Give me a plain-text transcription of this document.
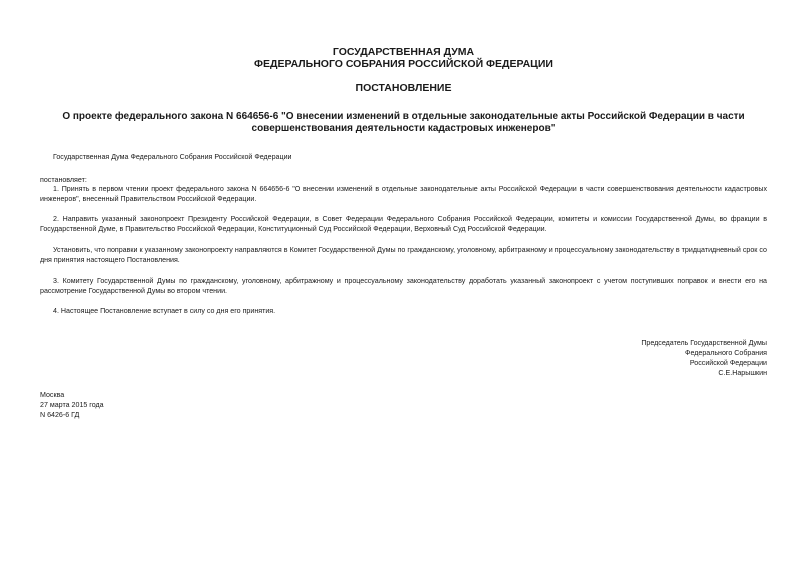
ГОСУДАРСТВЕННАЯ ДУМА
ФЕДЕРАЛЬНОГО СОБРАНИЯ РОССИЙСКОЙ ФЕДЕРАЦИИ
ПОСТАНОВЛЕНИЕ
О проекте федерального закона N 664656-6 "О внесении изменений в отдельные законодательные акты Российской Федерации в части совершенствования деятельности кадастровых инженеров"
Государственная Дума Федерального Собрания Российской Федерации
постановляет:
1. Принять в первом чтении проект федерального закона N 664656-6 "О внесении изменений в отдельные законодательные акты Российской Федерации в части совершенствования деятельности кадастровых инженеров", внесенный Правительством Российской Федерации.
2. Направить указанный законопроект Президенту Российской Федерации, в Совет Федерации Федерального Собрания Российской Федерации, комитеты и комиссии Государственной Думы, во фракции в Государственной Думе, в Правительство Российской Федерации, Конституционный Суд Российской Федерации, Верховный Суд Российской Федерации.
Установить, что поправки к указанному законопроекту направляются в Комитет Государственной Думы по гражданскому, уголовному, арбитражному и процессуальному законодательству в тридцатидневный срок со дня принятия настоящего Постановления.
3. Комитету Государственной Думы по гражданскому, уголовному, арбитражному и процессуальному законодательству доработать указанный законопроект с учетом поступивших поправок и внести его на рассмотрение Государственной Думы во втором чтении.
4. Настоящее Постановление вступает в силу со дня его принятия.
Председатель Государственной Думы
Федерального Собрания
Российской Федерации
С.Е.Нарышкин
Москва
27 марта 2015 года
N 6426-6 ГД
